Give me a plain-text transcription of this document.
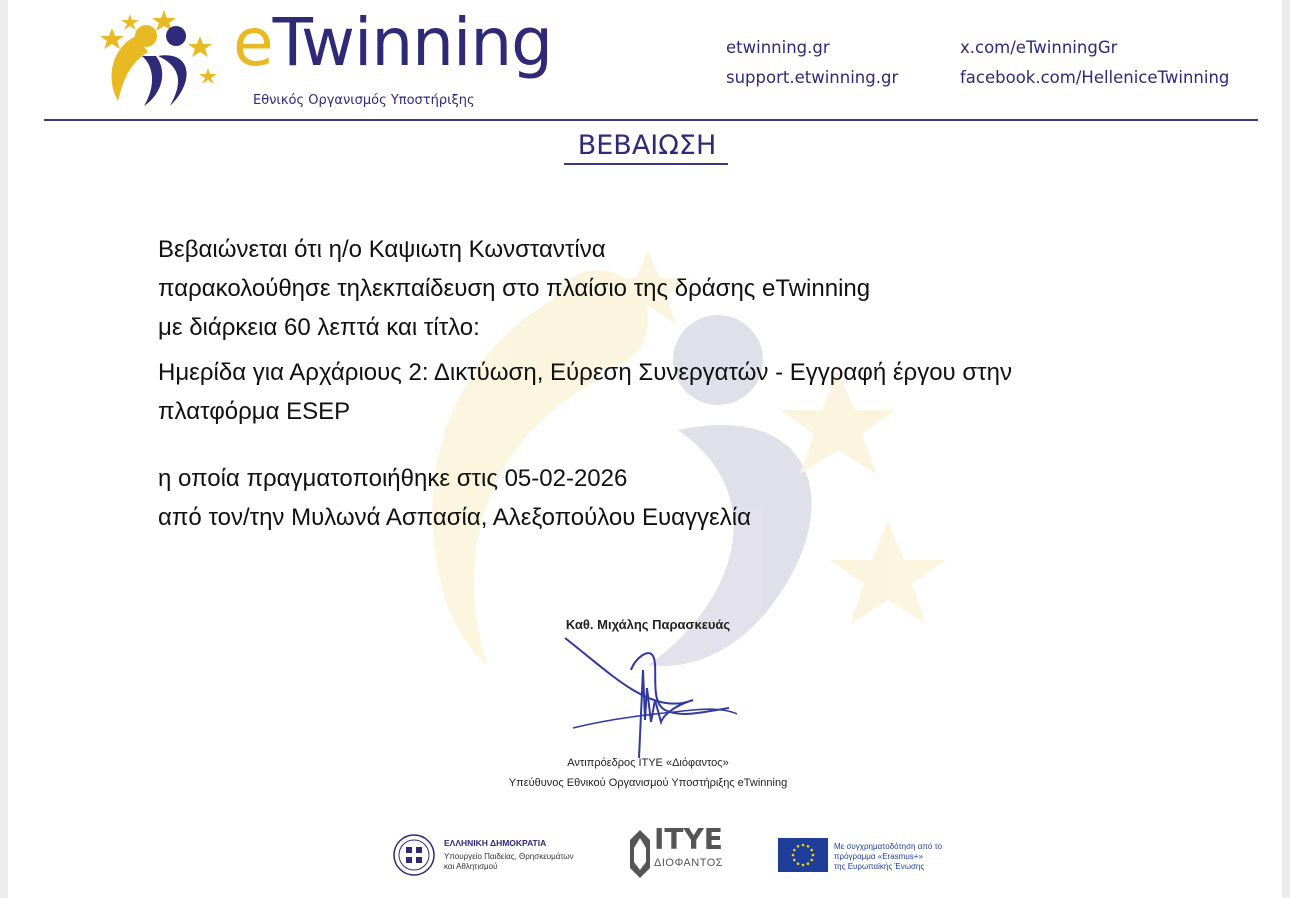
eTwinning
Εθνικός Οργανισμός Υποστήριξης
etwinning.gr
support.etwinning.gr
x.com/eTwinningGr
facebook.com/HelleniceTwinning
ΒΕΒΑΙΩΣΗ
Βεβαιώνεται ότι η/ο Καψιωτη Κωνσταντίνα
παρακολούθησε τηλεκπαίδευση στο πλαίσιο της δράσης eTwinning
με διάρκεια 60 λεπτά και τίτλο:
Ημερίδα για Αρχάριους 2: Δικτύωση, Εύρεση Συνεργατών - Εγγραφή έργου στην
πλατφόρμα ESEP
η οποία πραγματοποιήθηκε στις 05-02-2026
από τον/την Μυλωνά Ασπασία, Αλεξοπούλου Ευαγγελία
Καθ. Μιχάλης Παρασκευάς
Αντιπρόεδρος ΙΤΥΕ «Διόφαντος»
Υπεύθυνος Εθνικού Οργανισμού Υποστήριξης eTwinning
ΕΛΛΗΝΙΚΗ ΔΗΜΟΚΡΑΤΙΑ
Υπουργείο Παιδείας, Θρησκευμάτων
και Αθλητισμού
ΙΤΥΕ
ΔΙΟΦΑΝΤΟΣ
Με συγχρηματοδότηση από το
πρόγραμμα «Erasmus+»
της Ευρωπαϊκής Ένωσης
